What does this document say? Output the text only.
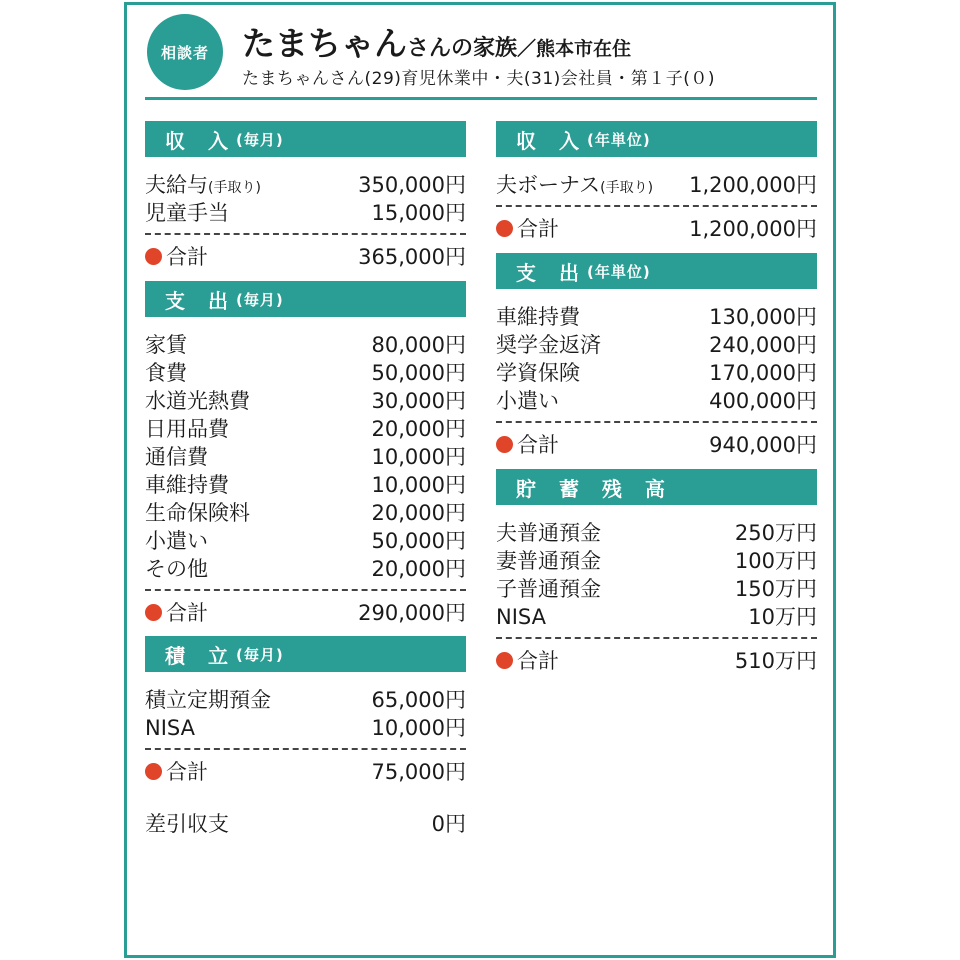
相談者	たまちゃんさんの家族／熊本市在住
たまちゃんさん(29)育児休業中・夫(31)会社員・第１子(０)
収 入 (毎月)
夫給与 (手取り)	350,000円
児童手当	15,000円
合計	365,000円
支 出 (毎月)
家賃	80,000円
食費	50,000円
水道光熱費	30,000円
日用品費	20,000円
通信費	10,000円
車維持費	10,000円
生命保険料	20,000円
小遣い	50,000円
その他	20,000円
合計	290,000円
積 立 (毎月)
積立定期預金	65,000円
NISA	10,000円
合計	75,000円
差引収支	0円
収 入 (年単位)
夫ボーナス (手取り) 1,200,000円
合計	1,200,000円
支 出 (年単位)
車維持費	130,000円
奨学金返済	240,000円
学資保険	170,000円
小遣い	400,000円
合計	940,000円
貯 蓄 残 高
夫普通預金	250万円
妻普通預金	100万円
子普通預金	150万円
NISA	10万円
合計	510万円
